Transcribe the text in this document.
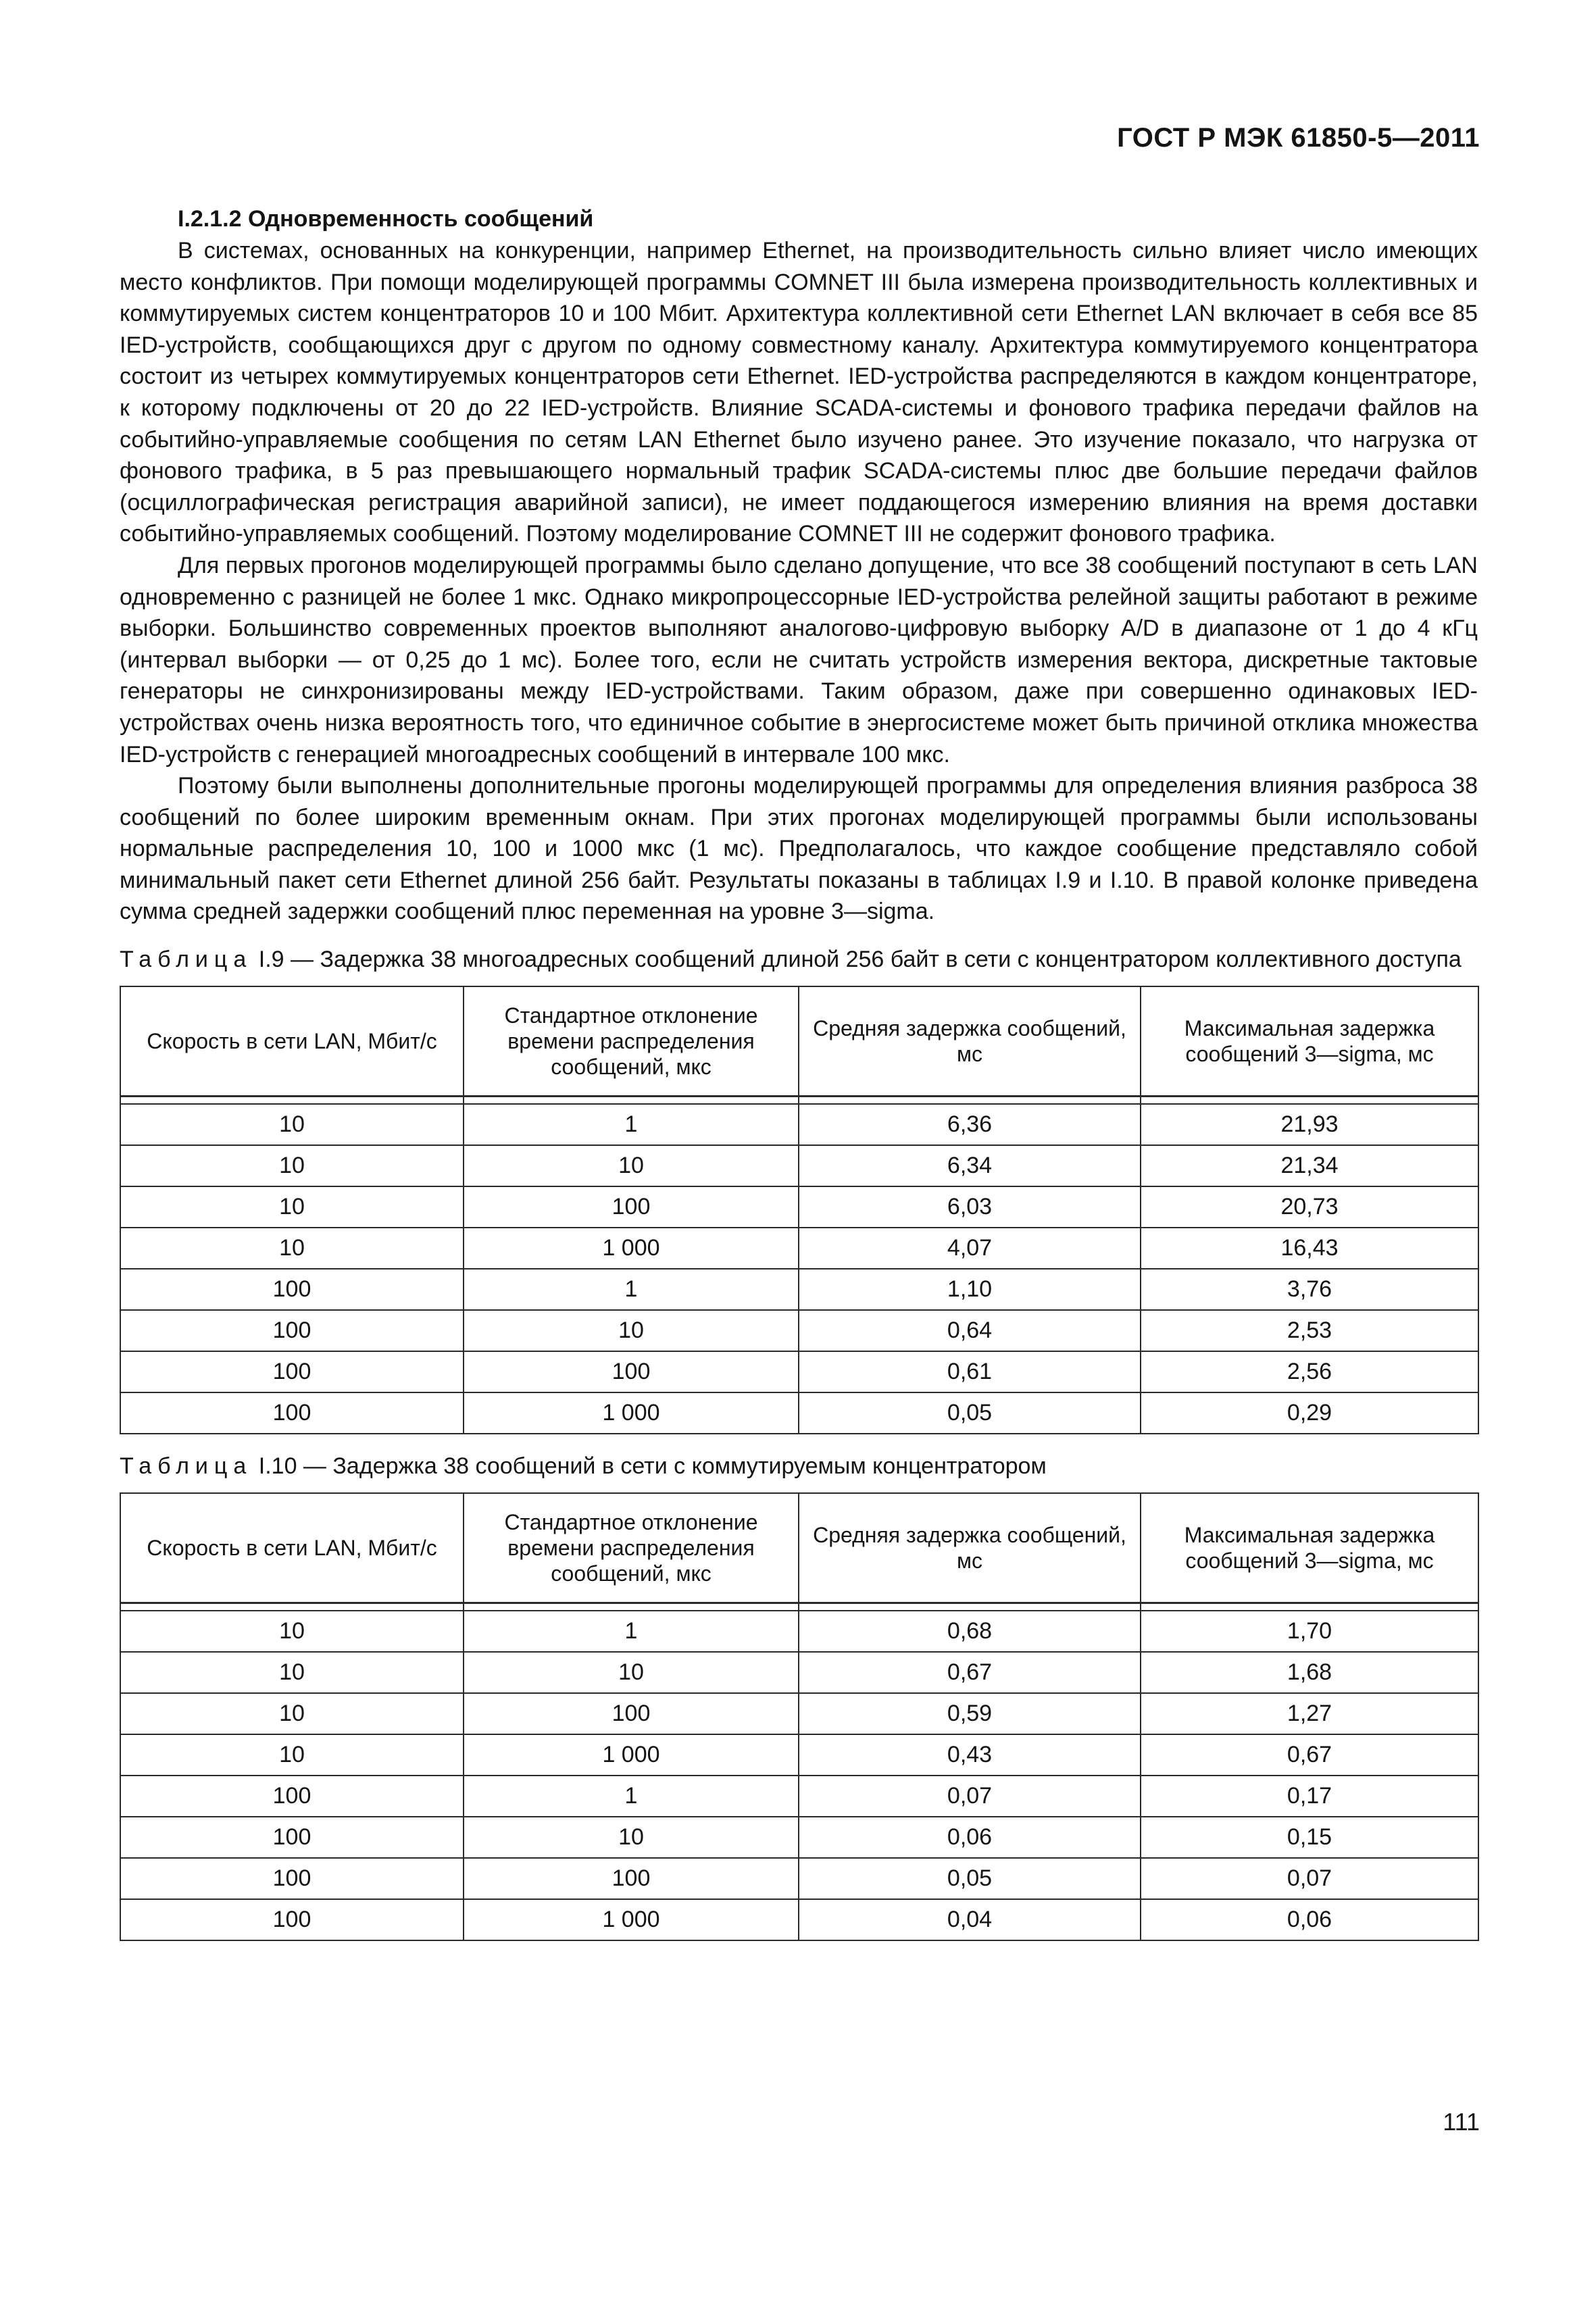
ГОСТ Р МЭК 61850-5—2011
I.2.1.2 Одновременность сообщений

В системах, основанных на конкуренции, например Ethernet, на производительность сильно влияет число имеющих место конфликтов. При помощи моделирующей программы COMNET III была измерена производительность коллективных и коммутируемых систем концентраторов 10 и 100 Мбит. Архитектура коллективной сети Ethernet LAN включает в себя все 85 IED-устройств, сообщающихся друг с другом по одному совместному каналу. Архитектура коммутируемого концентратора состоит из четырех коммутируемых концентраторов сети Ethernet. IED-устройства распределяются в каждом концентраторе, к которому подключены от 20 до 22 IED-устройств. Влияние SCADA-системы и фонового трафика передачи файлов на событийно-управляемые сообщения по сетям LAN Ethernet было изучено ранее. Это изучение показало, что нагрузка от фонового трафика, в 5 раз превышающего нормальный трафик SCADA-системы плюс две большие передачи файлов (осциллографическая регистрация аварийной записи), не имеет поддающегося измерению влияния на время доставки событийно-управляемых сообщений. Поэтому моделирование COMNET III не содержит фонового трафика.

Для первых прогонов моделирующей программы было сделано допущение, что все 38 сообщений поступают в сеть LAN одновременно с разницей не более 1 мкс. Однако микропроцессорные IED-устройства релейной защиты работают в режиме выборки. Большинство современных проектов выполняют аналогово-цифровую выборку A/D в диапазоне от 1 до 4 кГц (интервал выборки — от 0,25 до 1 мс). Более того, если не считать устройств измерения вектора, дискретные тактовые генераторы не синхронизированы между IED-устройствами. Таким образом, даже при совершенно одинаковых IED-устройствах очень низка вероятность того, что единичное событие в энергосистеме может быть причиной отклика множества IED-устройств с генерацией многоадресных сообщений в интервале 100 мкс.

Поэтому были выполнены дополнительные прогоны моделирующей программы для определения влияния разброса 38 сообщений по более широким временным окнам. При этих прогонах моделирующей программы были использованы нормальные распределения 10, 100 и 1000 мкс (1 мс). Предполагалось, что каждое сообщение представляло собой минимальный пакет сети Ethernet длиной 256 байт. Результаты показаны в таблицах I.9 и I.10. В правой колонке приведена сумма средней задержки сообщений плюс переменная на уровне 3—sigma.

Таблица I.9 — Задержка 38 многоадресных сообщений длиной 256 байт в сети с концентратором коллективного доступа
Скорость в сети LAN, Мбит/с	Стандартное отклонение времени распределения сообщений, мкс	Средняя задержка сообщений, мс	Максимальная задержка сообщений 3—sigma, мс

10	1	6,36	21,93
10	10	6,34	21,34
10	100	6,03	20,73
10	1 000	4,07	16,43
100	1	1,10	3,76
100	10	0,64	2,53
100	100	0,61	2,56
100	1 000	0,05	0,29
Таблица I.10 — Задержка 38 сообщений в сети с коммутируемым концентратором
Скорость в сети LAN, Мбит/с	Стандартное отклонение времени распределения сообщений, мкс	Средняя задержка сообщений, мс	Максимальная задержка сообщений 3—sigma, мс

10	1	0,68	1,70
10	10	0,67	1,68
10	100	0,59	1,27
10	1 000	0,43	0,67
100	1	0,07	0,17
100	10	0,06	0,15
100	100	0,05	0,07
100	1 000	0,04	0,06
111
